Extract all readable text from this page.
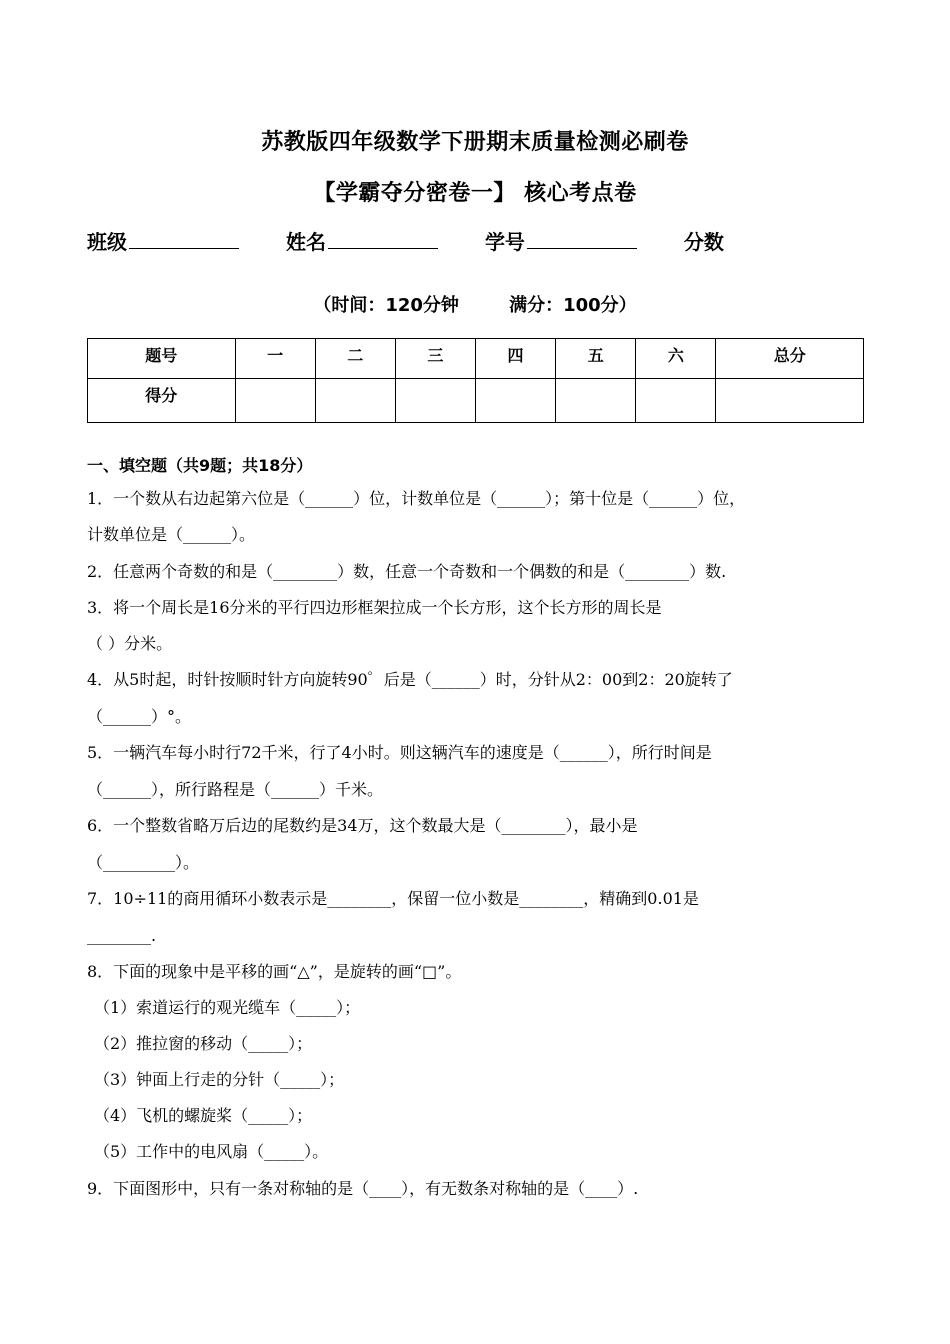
苏教版四年级数学下册期末质量检测必刷卷
【学霸夺分密卷一】 核心考点卷
班级	姓名	学号	分数
（时间：120分钟        满分：100分）
题号	一	二	三	四	五	六	总分
得分							
一、填空题（共9题；共18分）
1．一个数从右边起第六位是（______）位，计数单位是（______）；第十位是（______）位，
计数单位是（______）。
2．任意两个奇数的和是（________）数，任意一个奇数和一个偶数的和是（________）数.
3．将一个周长是16分米的平行四边形框架拉成一个长方形，这个长方形的周长是
（ ）分米。
4．从5时起，时针按顺时针方向旋转90゜后是（______）时，分针从2：00到2：20旋转了
（______）°。
5．一辆汽车每小时行72千米，行了4小时。则这辆汽车的速度是（______），所行时间是
（______），所行路程是（______）千米。
6．一个整数省略万后边的尾数约是34万，这个数最大是（________），最小是
（_________）。
7．10÷11的商用循环小数表示是________，保留一位小数是________，精确到0.01是
________.
8．下面的现象中是平移的画“△”，是旋转的画“□”。
（1）索道运行的观光缆车（_____）；
（2）推拉窗的移动（_____）；
（3）钟面上行走的分针（_____）；
（4）飞机的螺旋桨（_____）；
（5）工作中的电风扇（_____）。
9．下面图形中，只有一条对称轴的是（____），有无数条对称轴的是（____）.
